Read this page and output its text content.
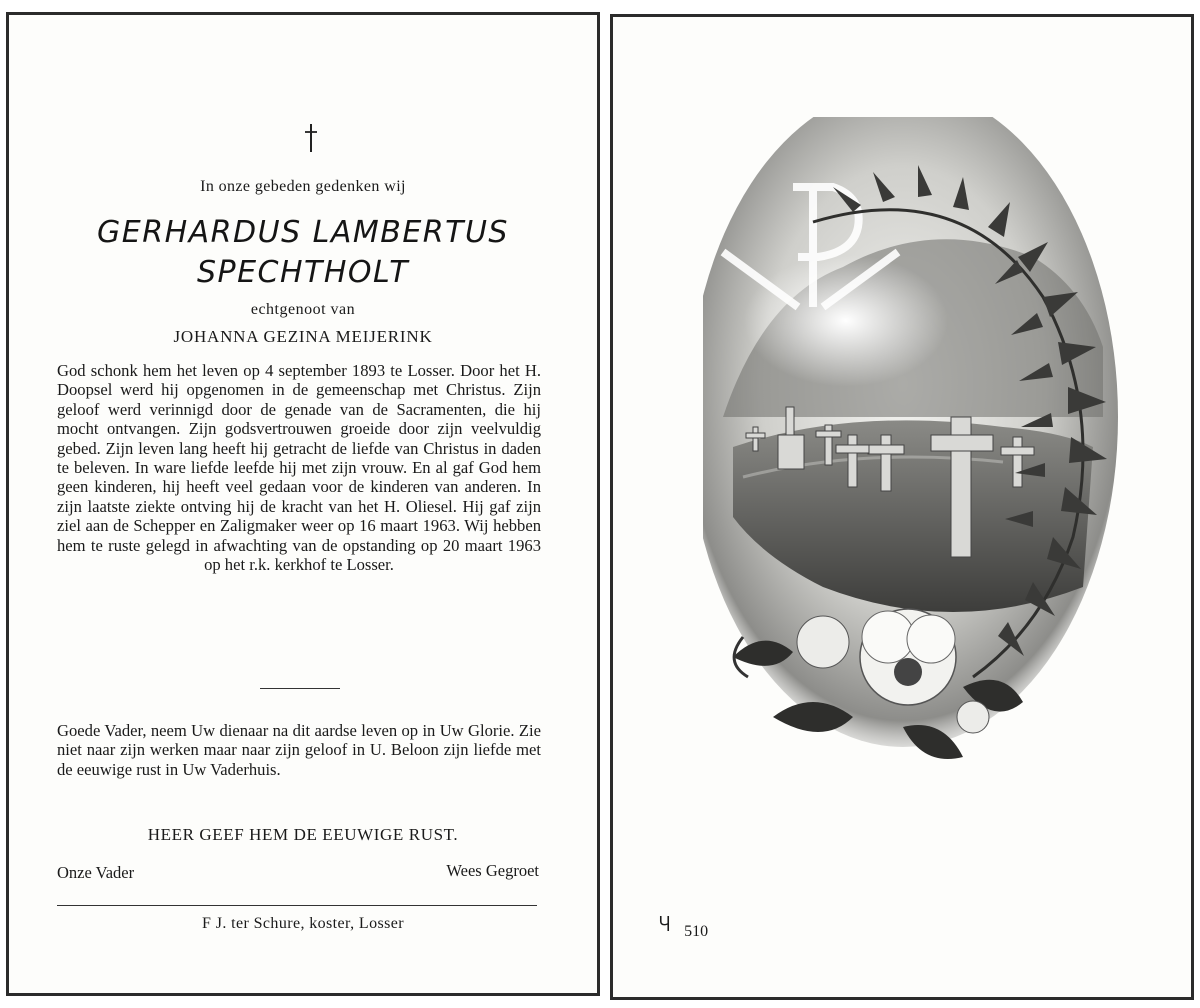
In onze gebeden gedenken wij
GERHARDUS LAMBERTUS
SPECHTHOLT
echtgenoot van
JOHANNA GEZINA MEIJERINK
God schonk hem het leven op 4 september 1893 te Losser. Door het H. Doopsel werd hij opgenomen in de gemeenschap met Christus. Zijn geloof werd verinnigd door de genade van de Sacramenten, die hij mocht ontvangen. Zijn godsvertrouwen groeide door zijn veelvuldig gebed. Zijn leven lang heeft hij getracht de liefde van Christus in daden te beleven. In ware liefde leefde hij met zijn vrouw. En al gaf God hem geen kinderen, hij heeft veel gedaan voor de kinderen van anderen. In zijn laatste ziekte ontving hij de kracht van het H. Oliesel. Hij gaf zijn ziel aan de Schepper en Zaligmaker weer op 16 maart 1963. Wij hebben hem te ruste gelegd in afwachting van de opstanding op 20 maart 1963 op het r.k. kerkhof te Losser.
Goede Vader, neem Uw dienaar na dit aardse leven op in Uw Glorie. Zie niet naar zijn werken maar naar zijn geloof in U. Beloon zijn liefde met de eeuwige rust in Uw Vaderhuis.
HEER GEEF HEM DE EEUWIGE RUST.
Onze Vader	Wees Gegroet
F J. ter Schure, koster, Losser	Ⴗ 510
